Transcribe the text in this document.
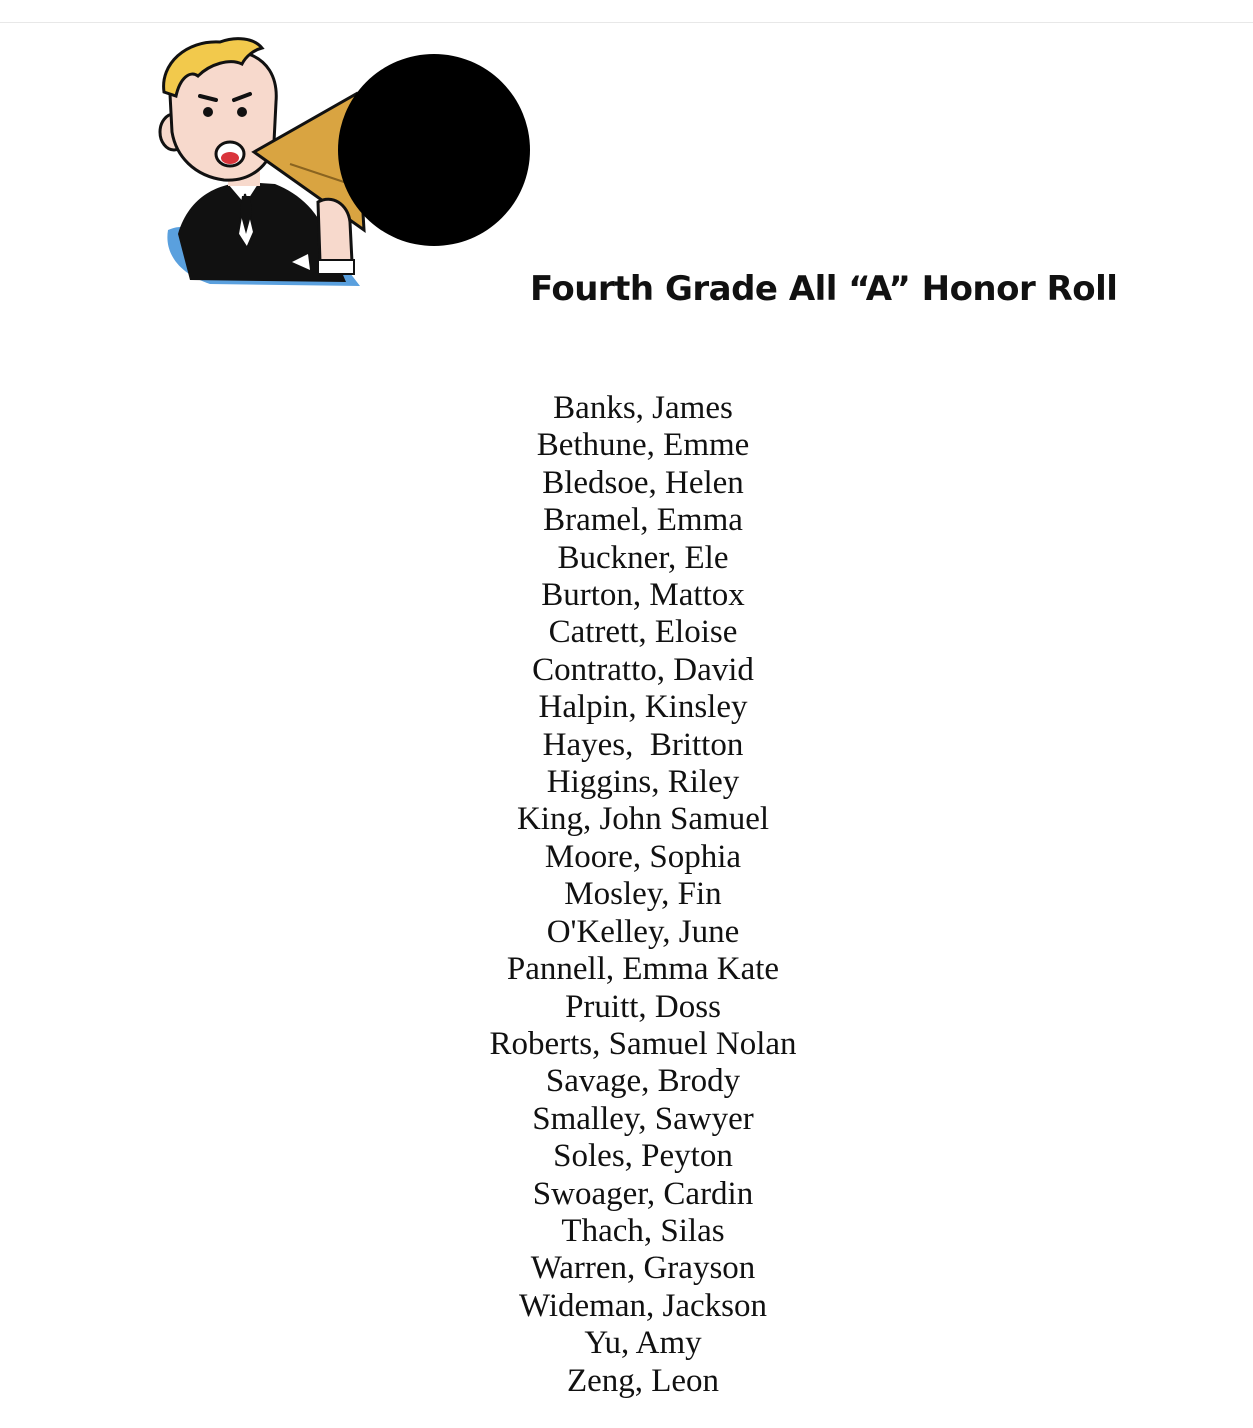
Fourth Grade All “A” Honor Roll
Banks, James
Bethune, Emme
Bledsoe, Helen
Bramel, Emma
Buckner, Ele
Burton, Mattox
Catrett, Eloise
Contratto, David
Halpin, Kinsley
Hayes,  Britton
Higgins, Riley
King, John Samuel
Moore, Sophia
Mosley, Fin
O'Kelley, June
Pannell, Emma Kate
Pruitt, Doss
Roberts, Samuel Nolan
Savage, Brody
Smalley, Sawyer
Soles, Peyton
Swoager, Cardin
Thach, Silas
Warren, Grayson
Wideman, Jackson
Yu, Amy
Zeng, Leon
